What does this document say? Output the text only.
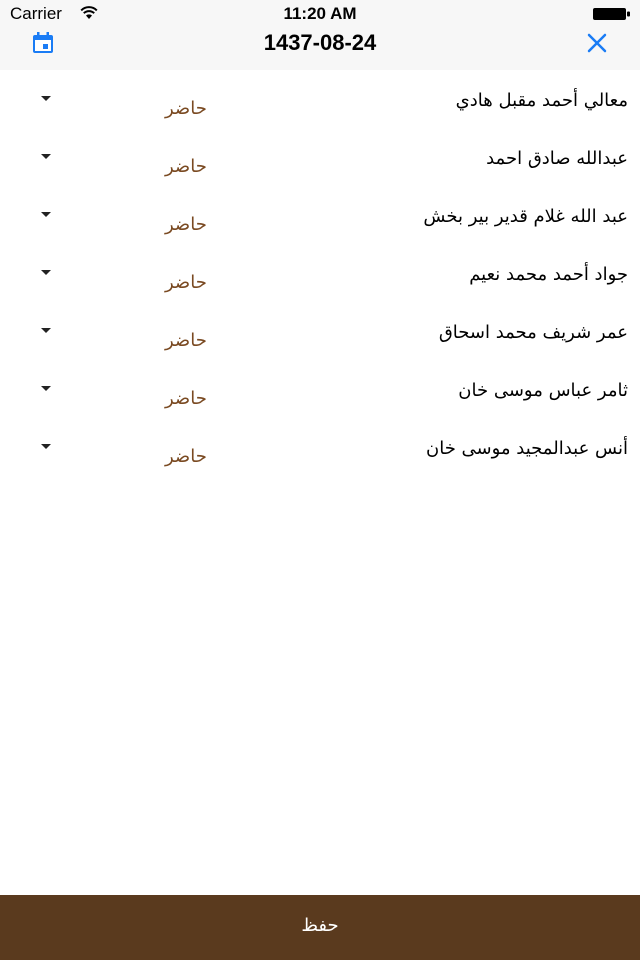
Carrier	11:20 AM
1437-08-24
معالي أحمد مقبل هادي
حاضر
عبدالله صادق احمد
حاضر
عبد الله غلام قدير بير بخش
حاضر
جواد أحمد محمد نعيم
حاضر
عمر شريف محمد اسحاق
حاضر
ثامر عباس موسى خان
حاضر
أنس عبدالمجيد موسى خان
حاضر
حفظ
